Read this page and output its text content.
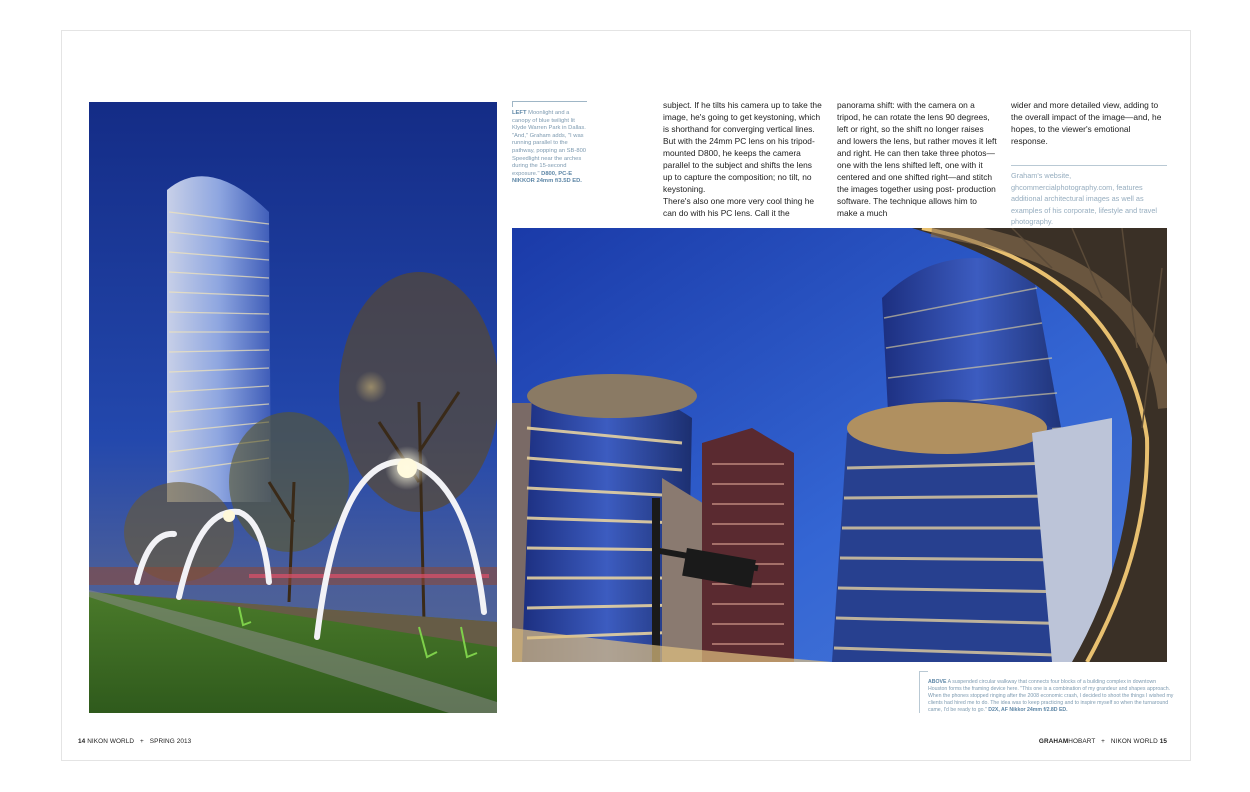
LEFT Moonlight and a canopy of blue twilight lit Klyde Warren Park in Dallas. "And," Graham adds, "I was running parallel to the pathway, popping an SB-800 Speedlight near the arches during the 15-second exposure." D800, PC-E NIKKOR 24mm f/3.5D ED.
subject. If he tilts his camera up to take the image, he's going to get keystoning, which is shorthand for converging vertical lines. But with the 24mm PC lens on his tripod-mounted D800, he keeps the camera parallel to the subject and shifts the lens up to capture the composition; no tilt, no keystoning.
There's also one more very cool thing he can do with his PC lens. Call it the
panorama shift: with the camera on a tripod, he can rotate the lens 90 degrees, left or right, so the shift no longer raises and lowers the lens, but rather moves it left and right. He can then take three photos—one with the lens shifted left, one with it centered and one shifted right—and stitch the images together using post- production software. The technique allows him to make a much
wider and more detailed view, adding to the overall impact of the image—and, he hopes, to the viewer's emotional response.
Graham's website, ghcommercialphotography.com, features additional architectural images as well as examples of his corporate, lifestyle and travel photography.
ABOVE A suspended circular walkway that connects four blocks of a building complex in downtown Houston forms the framing device here. "This one is a combination of my grandeur and shapes approach. When the phones stopped ringing after the 2008 economic crash, I decided to shoot the things I wished my clients had hired me to do. The idea was to keep practicing and to inspire myself so when the turnaround came, I'd be ready to go." D2X, AF Nikkor 24mm f/2.8D ED.
14 NIKON WORLD + SPRING 2013	GRAHAMHOBART + NIKON WORLD 15
